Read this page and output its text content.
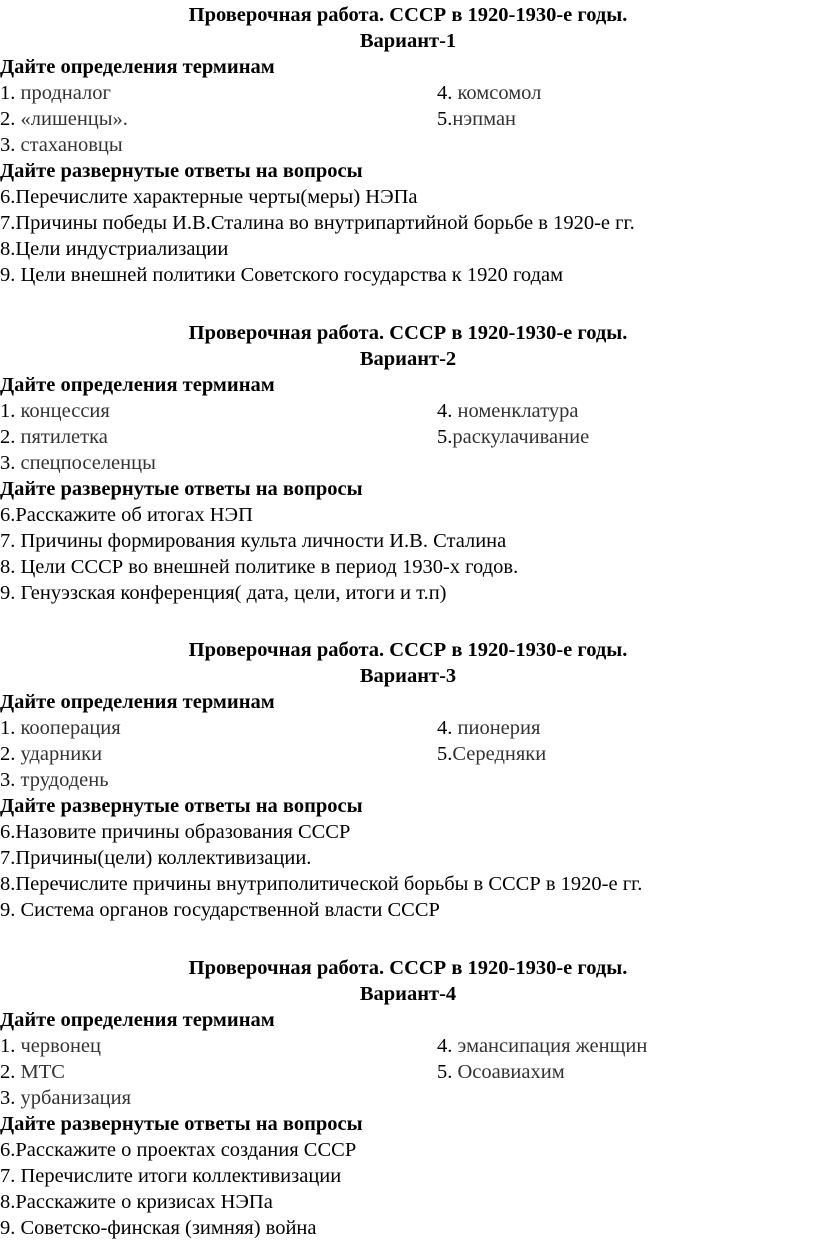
Проверочная работа. СССР в 1920-1930-е годы.
Вариант-1
Дайте определения терминам
1. продналог	4. комсомол
2. «лишенцы».	5.нэпман
3. стахановцы
Дайте развернутые ответы на вопросы
6.Перечислите характерные черты(меры) НЭПа
7.Причины победы И.В.Сталина во внутрипартийной борьбе в 1920-е гг.
8.Цели индустриализации
9. Цели внешней политики Советского государства к 1920 годам
Проверочная работа. СССР в 1920-1930-е годы.
Вариант-2
Дайте определения терминам
1. концессия	4. номенклатура
2. пятилетка	5.раскулачивание
3. спецпоселенцы
Дайте развернутые ответы на вопросы
6.Расскажите об итогах НЭП
7. Причины формирования культа личности И.В. Сталина
8. Цели СССР во внешней политике в период 1930-х годов.
9. Генуэзская конференция( дата, цели, итоги и т.п)
Проверочная работа. СССР в 1920-1930-е годы.
Вариант-3
Дайте определения терминам
1. кооперация	4. пионерия
2. ударники	5.Середняки
3. трудодень
Дайте развернутые ответы на вопросы
6.Назовите причины образования СССР
7.Причины(цели) коллективизации.
8.Перечислите причины внутриполитической борьбы в СССР в 1920-е гг.
9. Система органов государственной власти СССР
Проверочная работа. СССР в 1920-1930-е годы.
Вариант-4
Дайте определения терминам
1. червонец	4. эмансипация женщин
2. МТС	5. Осоавиахим
3. урбанизация
Дайте развернутые ответы на вопросы
6.Расскажите о проектах создания СССР
7. Перечислите итоги коллективизации
8.Расскажите о кризисах НЭПа
9. Советско-финская (зимняя) война
